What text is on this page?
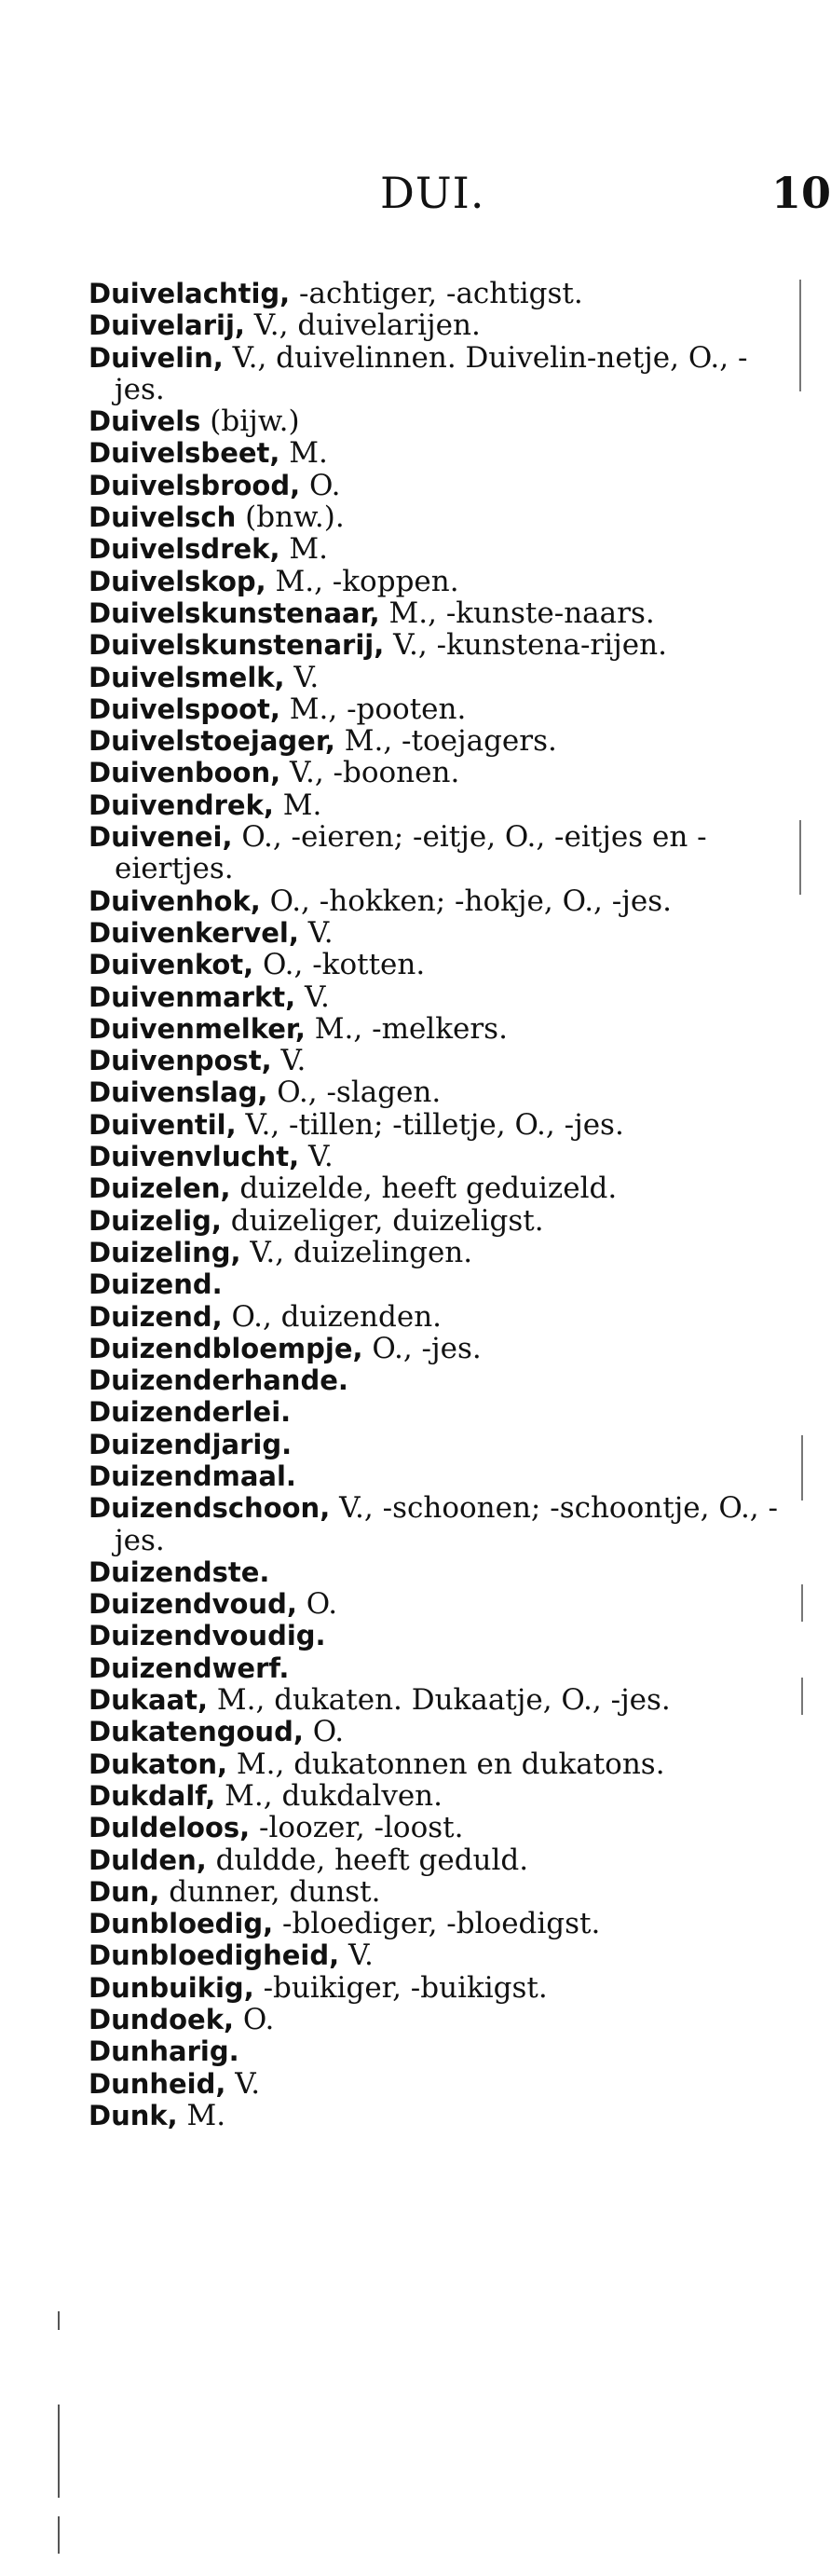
DUI.	10

Duivelachtig, -achtiger, -achtigst.

Duivelarij, V., duivelarijen.

Duivelin, V., duivelinnen. Duivelin-netje, O., -jes.

Duivels (bijw.)

Duivelsbeet, M.

Duivelsbrood, O.

Duivelsch (bnw.).

Duivelsdrek, M.

Duivelskop, M., -koppen.

Duivelskunstenaar, M., -kunste-naars.

Duivelskunstenarij, V., -kunstena-rijen.

Duivelsmelk, V.

Duivelspoot, M., -pooten.

Duivelstoejager, M., -toejagers.

Duivenboon, V., -boonen.

Duivendrek, M.

Duivenei, O., -eieren; -eitje, O., -eitjes en -eiertjes.

Duivenhok, O., -hokken; -hokje, O., -jes.

Duivenkervel, V.

Duivenkot, O., -kotten.

Duivenmarkt, V.

Duivenmelker, M., -melkers.

Duivenpost, V.

Duivenslag, O., -slagen.

Duiventil, V., -tillen; -tilletje, O., -jes.

Duivenvlucht, V.

Duizelen, duizelde, heeft geduizeld.

Duizelig, duizeliger, duizeligst.

Duizeling, V., duizelingen.

Duizend.

Duizend, O., duizenden.

Duizendbloempje, O., -jes.

Duizenderhande.

Duizenderlei.

Duizendjarig.

Duizendmaal.

Duizendschoon, V., -schoonen; -schoontje, O., -jes.

Duizendste.

Duizendvoud, O.

Duizendvoudig.

Duizendwerf.

Dukaat, M., dukaten. Dukaatje, O., -jes.

Dukatengoud, O.

Dukaton, M., dukatonnen en dukatons.

Dukdalf, M., dukdalven.

Duldeloos, -loozer, -loost.

Dulden, duldde, heeft geduld.

Dun, dunner, dunst.

Dunbloedig, -bloediger, -bloedigst.

Dunbloedigheid, V.

Dunbuikig, -buikiger, -buikigst.

Dundoek, O.

Dunharig.

Dunheid, V.

Dunk, M.
